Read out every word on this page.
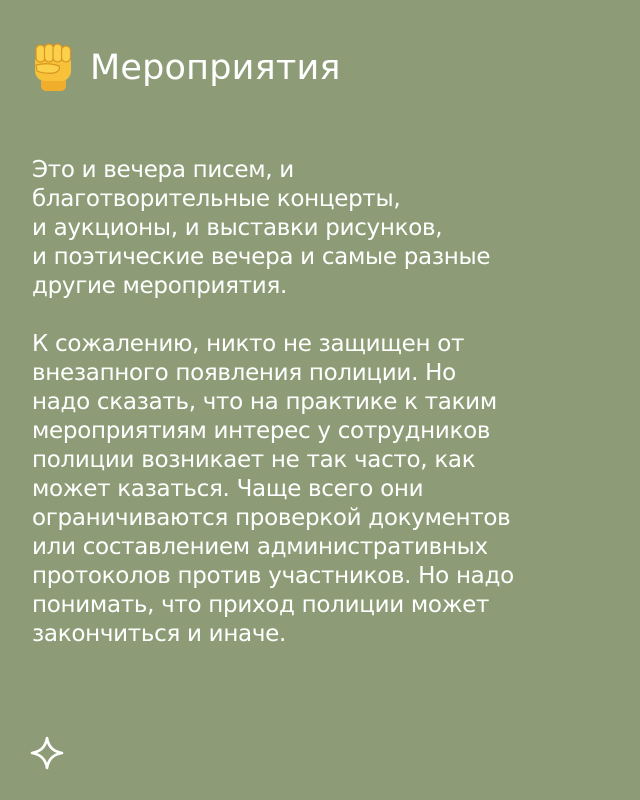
Мероприятия

Это и вечера писем, и
благотворительные концерты,
и аукционы, и выставки рисунков,
и поэтические вечера и самые разные
другие мероприятия.

К сожалению, никто не защищен от
внезапного появления полиции. Но
надо сказать, что на практике к таким
мероприятиям интерес у сотрудников
полиции возникает не так часто, как
может казаться. Чаще всего они
ограничиваются проверкой документов
или составлением административных
протоколов против участников. Но надо
понимать, что приход полиции может
закончиться и иначе.
